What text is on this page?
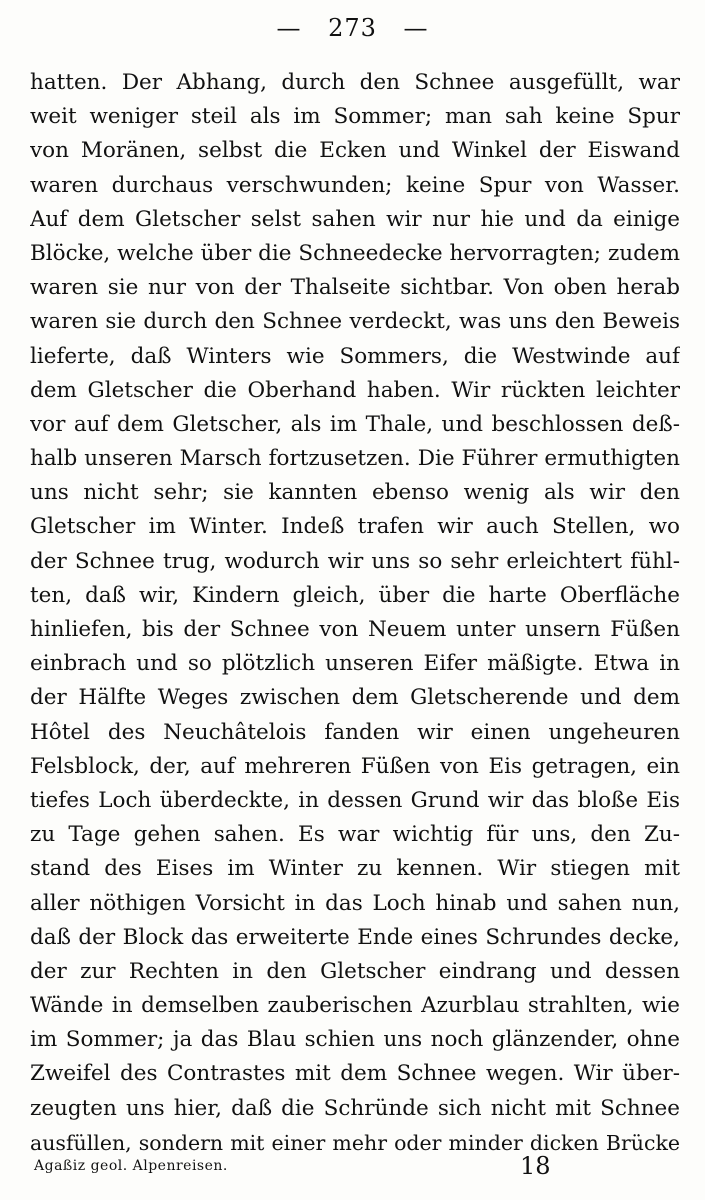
— 273 —
hatten. Der Abhang, durch den Schnee ausgefüllt, war
weit weniger steil als im Sommer; man sah keine Spur
von Moränen, selbst die Ecken und Winkel der Eiswand
waren durchaus verschwunden; keine Spur von Wasser.
Auf dem Gletscher selst sahen wir nur hie und da einige
Blöcke, welche über die Schneedecke hervorragten; zudem
waren sie nur von der Thalseite sichtbar. Von oben herab
waren sie durch den Schnee verdeckt, was uns den Beweis
lieferte, daß Winters wie Sommers, die Westwinde auf
dem Gletscher die Oberhand haben. Wir rückten leichter
vor auf dem Gletscher, als im Thale, und beschlossen deß-
halb unseren Marsch fortzusetzen. Die Führer ermuthigten
uns nicht sehr; sie kannten ebenso wenig als wir den
Gletscher im Winter. Indeß trafen wir auch Stellen, wo
der Schnee trug, wodurch wir uns so sehr erleichtert fühl-
ten, daß wir, Kindern gleich, über die harte Oberfläche
hinliefen, bis der Schnee von Neuem unter unsern Füßen
einbrach und so plötzlich unseren Eifer mäßigte. Etwa in
der Hälfte Weges zwischen dem Gletscherende und dem
Hôtel des Neuchâtelois fanden wir einen ungeheuren
Felsblock, der, auf mehreren Füßen von Eis getragen, ein
tiefes Loch überdeckte, in dessen Grund wir das bloße Eis
zu Tage gehen sahen. Es war wichtig für uns, den Zu-
stand des Eises im Winter zu kennen. Wir stiegen mit
aller nöthigen Vorsicht in das Loch hinab und sahen nun,
daß der Block das erweiterte Ende eines Schrundes decke,
der zur Rechten in den Gletscher eindrang und dessen
Wände in demselben zauberischen Azurblau strahlten, wie
im Sommer; ja das Blau schien uns noch glänzender, ohne
Zweifel des Contrastes mit dem Schnee wegen. Wir über-
zeugten uns hier, daß die Schründe sich nicht mit Schnee
ausfüllen, sondern mit einer mehr oder minder dicken Brücke
Agaßiz geol. Alpenreisen.	18
